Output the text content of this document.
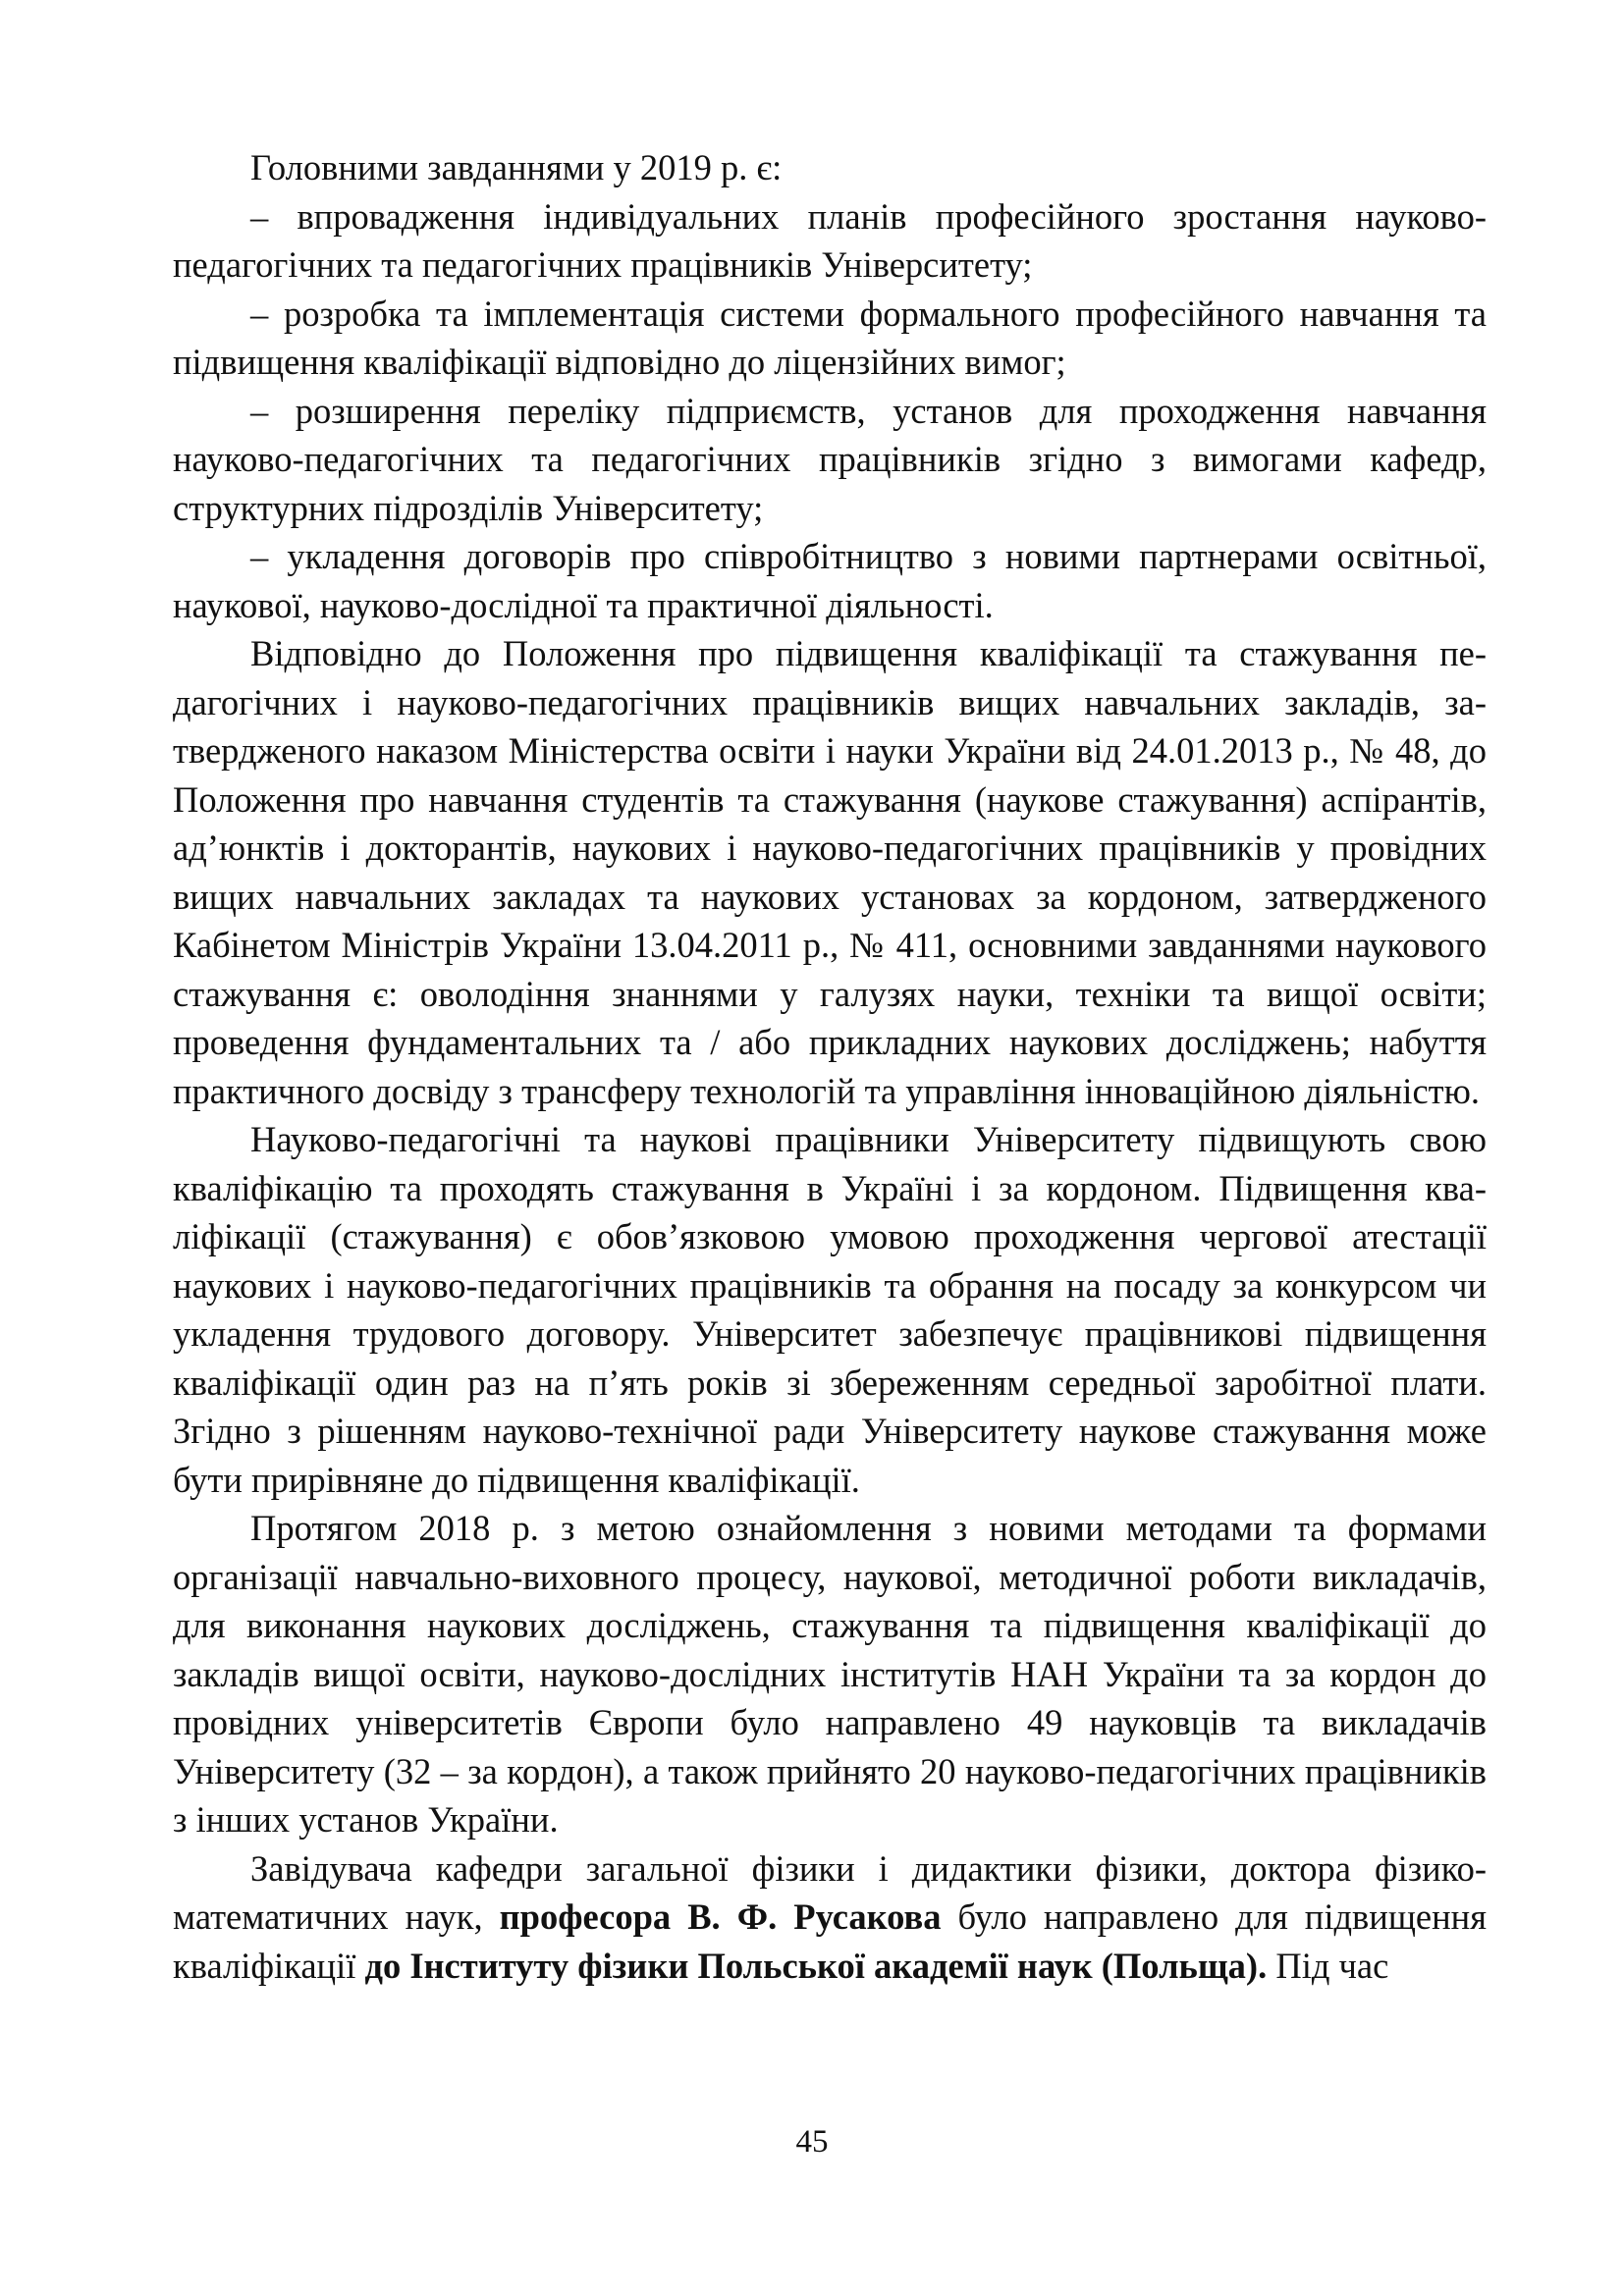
Головними завданнями у 2019 р. є:

– впровадження індивідуальних планів професійного зростання науково-педагогічних та педагогічних працівників Університету;

– розробка та імплементація системи формального професійного навчання та підвищення кваліфікації відповідно до ліцензійних вимог;

– розширення переліку підприємств, установ для проходження навчання науково-педагогічних та педагогічних працівників згідно з вимогами кафедр, структурних підрозділів Університету;

– укладення договорів про співробітництво з новими партнерами освітньої, наукової, науково-дослідної та практичної діяльності.

Відповідно до Положення про підвищення кваліфікації та стажування педагогічних і науково-педагогічних працівників вищих навчальних закладів, затвердженого наказом Міністерства освіти і науки України від 24.01.2013 р., № 48, до Положення про навчання студентів та стажування (наукове стажування) аспірантів, ад’юнктів і докторантів, наукових і науково-педагогічних працівників у провідних вищих навчальних закладах та наукових установах за кордоном, затвердженого Кабінетом Міністрів України 13.04.2011 р., № 411, основними завданнями наукового стажування є: оволодіння знаннями у галузях науки, техніки та вищої освіти; проведення фундаментальних та / або прикладних наукових досліджень; набуття практичного досвіду з трансферу технологій та управління інноваційною діяльністю.

Науково-педагогічні та наукові працівники Університету підвищують свою кваліфікацію та проходять стажування в Україні і за кордоном. Підвищення кваліфікації (стажування) є обов’язковою умовою проходження чергової атестації наукових і науково-педагогічних працівників та обрання на посаду за конкурсом чи укладення трудового договору. Університет забезпечує працівникові підвищення кваліфікації один раз на п’ять років зі збереженням середньої заробітної плати. Згідно з рішенням науково-технічної ради Університету наукове стажування може бути прирівняне до підвищення кваліфікації.

Протягом 2018 р. з метою ознайомлення з новими методами та формами організації навчально-виховного процесу, наукової, методичної роботи викладачів, для виконання наукових досліджень, стажування та підвищення кваліфікації до закладів вищої освіти, науково-дослідних інститутів НАН України та за кордон до провідних університетів Європи було направлено 49 науковців та викладачів Університету (32 – за кордон), а також прийнято 20 науково-педагогічних працівників з інших установ України.

Завідувача кафедри загальної фізики і дидактики фізики, доктора фізико-математичних наук, професора В. Ф. Русакова було направлено для підвищення кваліфікації до Інституту фізики Польської академії наук (Польща). Під час

45
